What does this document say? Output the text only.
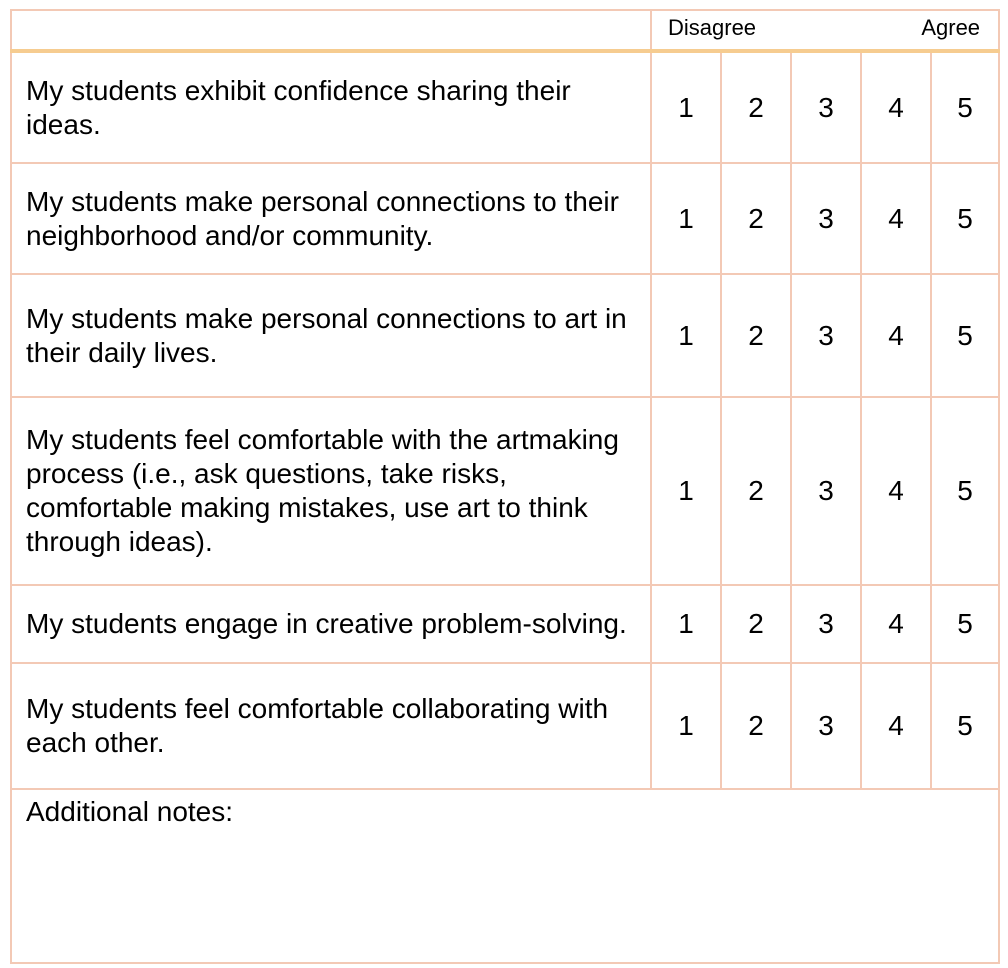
	Disagree Agree				

My students exhibit confidence sharing their ideas.	1	2	3	4	5
My students make personal connections to their neighborhood and/or community.	1	2	3	4	5
My students make personal connections to art in their daily lives.	1	2	3	4	5
My students feel comfortable with the artmaking process (i.e., ask questions, take risks, comfortable making mistakes, use art to think through ideas).	1	2	3	4	5
My students engage in creative problem-solving.	1	2	3	4	5
My students feel comfortable collaborating with each other.	1	2	3	4	5
Additional notes:					
